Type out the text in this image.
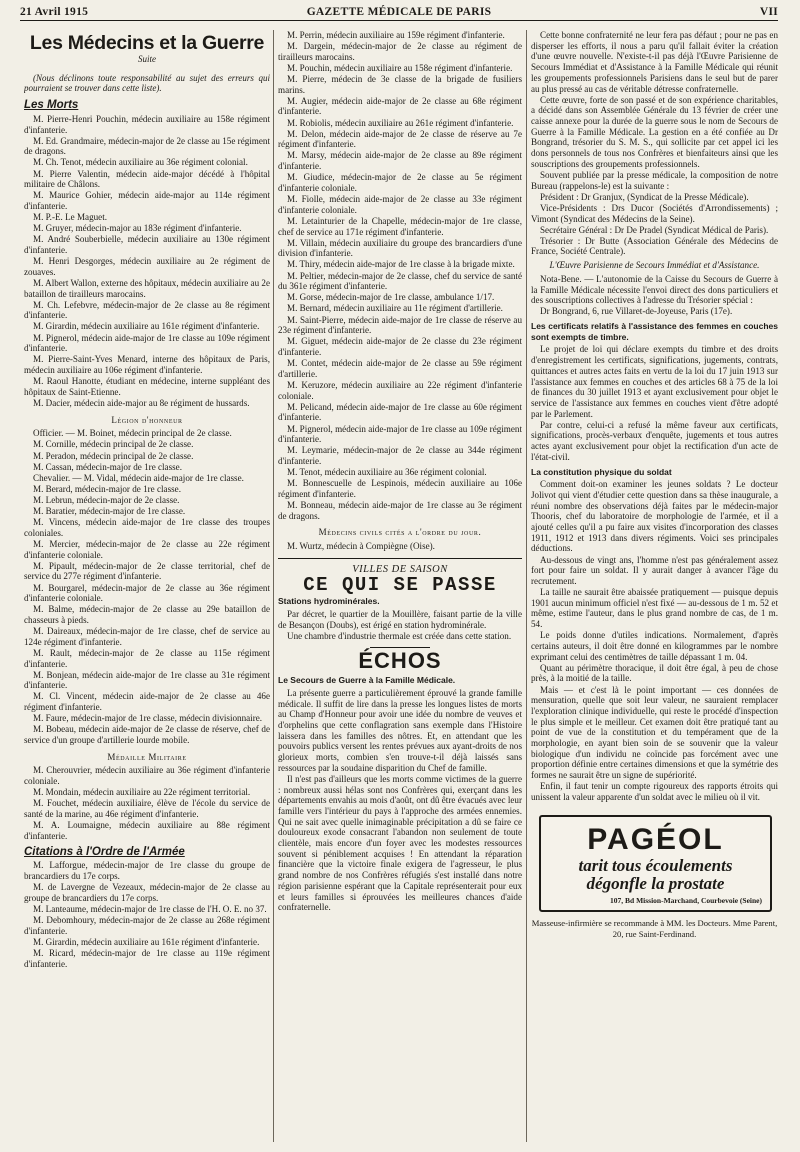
21 Avril 1915	GAZETTE MÉDICALE DE PARIS	VII
Les Médecins et la Guerre
Suite

(Nous déclinons toute responsabilité au sujet des erreurs qui pourraient se trouver dans cette liste).

Les Morts

M. Pierre-Henri Pouchin, médecin auxiliaire au 158e régiment d'infanterie.

M. Ed. Grandmaire, médecin-major de 2e classe au 15e régiment de dragons.

M. Ch. Tenot, médecin auxiliaire au 36e régiment colonial.

M. Pierre Valentin, médecin aide-major décédé à l'hôpital militaire de Châlons.

M. Maurice Gohier, médecin aide-major au 114e régiment d'infanterie.

M. P.-E. Le Maguet.

M. Gruyer, médecin-major au 183e régiment d'infanterie.

M. André Souberbielle, médecin auxiliaire au 130e régiment d'infanterie.

M. Henri Desgorges, médecin auxiliaire au 2e régiment de zouaves.

M. Albert Wallon, externe des hôpitaux, médecin auxiliaire au 2e bataillon de tirailleurs marocains.

M. Ch. Lefebvre, médecin-major de 2e classe au 8e régiment d'infanterie.

M. Girardin, médecin auxiliaire au 161e régiment d'infanterie.

M. Pignerol, médecin aide-major de 1re classe au 109e régiment d'infanterie.

M. Pierre-Saint-Yves Menard, interne des hôpitaux de Paris, médecin auxiliaire au 106e régiment d'infanterie.

M. Raoul Hanotte, étudiant en médecine, interne suppléant des hôpitaux de Saint-Etienne.

M. Dacier, médecin aide-major au 8e régiment de hussards.

Légion d'honneur

Officier. — M. Boinet, médecin principal de 2e classe.

M. Cornille, médecin principal de 2e classe.

M. Peradon, médecin principal de 2e classe.

M. Cassan, médecin-major de 1re classe.

Chevalier. — M. Vidal, médecin aide-major de 1re classe.

M. Berard, médecin-major de 1re classe.

M. Lebrun, médecin-major de 2e classe.

M. Baratier, médecin-major de 1re classe.

M. Vincens, médecin aide-major de 1re classe des troupes coloniales.

M. Mercier, médecin-major de 2e classe au 22e régiment d'infanterie coloniale.

M. Pipault, médecin-major de 2e classe territorial, chef de service du 277e régiment d'infanterie.

M. Bourgarel, médecin-major de 2e classe au 36e régiment d'infanterie coloniale.

M. Balme, médecin-major de 2e classe au 29e bataillon de chasseurs à pieds.

M. Daireaux, médecin-major de 1re classe, chef de service au 124e régiment d'infanterie.

M. Rault, médecin-major de 2e classe au 115e régiment d'infanterie.

M. Bonjean, médecin aide-major de 1re classe au 31e régiment d'infanterie.

M. Cl. Vincent, médecin aide-major de 2e classe au 46e régiment d'infanterie.

M. Faure, médecin-major de 1re classe, médecin divisionnaire.

M. Bobeau, médecin aide-major de 2e classe de réserve, chef de service d'un groupe d'artillerie lourde mobile.

Médaille Militaire

M. Cherouvrier, médecin auxiliaire au 36e régiment d'infanterie coloniale.

M. Mondain, médecin auxiliaire au 22e régiment territorial.

M. Fouchet, médecin auxiliaire, élève de l'école du service de santé de la marine, au 46e régiment d'infanterie.

M. A. Loumaigne, médecin auxiliaire au 88e régiment d'infanterie.

Citations à l'Ordre de l'Armée

M. Lafforgue, médecin-major de 1re classe du groupe de brancardiers du 17e corps.

M. de Lavergne de Vezeaux, médecin-major de 2e classe au groupe de brancardiers du 17e corps.

M. Lanteaume, médecin-major de 1re classe de l'H. O. E. no 37.

M. Debomhoury, médecin-major de 2e classe au 268e régiment d'infanterie.

M. Girardin, médecin auxiliaire au 161e régiment d'infanterie.

M. Ricard, médecin-major de 1re classe au 119e régiment d'infanterie.

M. Perrin, médecin auxiliaire au 159e régiment d'infanterie.

M. Dargein, médecin-major de 2e classe au régiment de tirailleurs marocains.

M. Pouchin, médecin auxiliaire au 158e régiment d'infanterie.

M. Pierre, médecin de 3e classe de la brigade de fusiliers marins.

M. Augier, médecin aide-major de 2e classe au 68e régiment d'infanterie.

M. Robiolis, médecin auxiliaire au 261e régiment d'infanterie.

M. Delon, médecin aide-major de 2e classe de réserve au 7e régiment d'infanterie.

M. Marsy, médecin aide-major de 2e classe au 89e régiment d'infanterie.

M. Giudice, médecin-major de 2e classe au 5e régiment d'infanterie coloniale.

M. Fiolle, médecin aide-major de 2e classe au 33e régiment d'infanterie coloniale.

M. Letainturier de la Chapelle, médecin-major de 1re classe, chef de service au 171e régiment d'infanterie.

M. Villain, médecin auxiliaire du groupe des brancardiers d'une division d'infanterie.

M. Thiry, médecin aide-major de 1re classe à la brigade mixte.

M. Peltier, médecin-major de 2e classe, chef du service de santé du 361e régiment d'infanterie.

M. Gorse, médecin-major de 1re classe, ambulance 1/17.

M. Bernard, médecin auxiliaire au 11e régiment d'artillerie.

M. Saint-Pierre, médecin aide-major de 1re classe de réserve au 23e régiment d'infanterie.

M. Giguet, médecin aide-major de 2e classe du 23e régiment d'infanterie.

M. Contet, médecin aide-major de 2e classe au 59e régiment d'artillerie.

M. Keruzore, médecin auxiliaire au 22e régiment d'infanterie coloniale.

M. Pelicand, médecin aide-major de 1re classe au 60e régiment d'infanterie.

M. Pignerol, médecin aide-major de 1re classe au 109e régiment d'infanterie.

M. Leymarie, médecin-major de 2e classe au 344e régiment d'infanterie.

M. Tenot, médecin auxiliaire au 36e régiment colonial.

M. Bonnescuelle de Lespinois, médecin auxiliaire au 106e régiment d'infanterie.

M. Bonneau, médecin aide-major de 1re classe au 3e régiment de dragons.

Médecins civils cités a l'ordre du jour.

M. Wurtz, médecin à Compiègne (Oise).

VILLES DE SAISON
CE QUI SE PASSE
Stations hydrominérales.

Par décret, le quartier de la Mouillère, faisant partie de la ville de Besançon (Doubs), est érigé en station hydrominérale.

Une chambre d'industrie thermale est créée dans cette station.

ÉCHOS
Le Secours de Guerre à la Famille Médicale.

La présente guerre a particulièrement éprouvé la grande famille médicale. Il suffit de lire dans la presse les longues listes de morts au Champ d'Honneur pour avoir une idée du nombre de veuves et d'orphelins que cette conflagration sans exemple dans l'Histoire laissera dans les familles des nôtres. Et, en attendant que les pouvoirs publics versent les rentes prévues aux ayant-droits de nos glorieux morts, combien s'en trouve-t-il déjà laissés sans ressources par la soudaine disparition du Chef de famille.

Il n'est pas d'ailleurs que les morts comme victimes de la guerre : nombreux aussi hélas sont nos Confrères qui, exerçant dans les départements envahis au mois d'août, ont dû être évacués avec leur famille vers l'intérieur du pays à l'approche des armées ennemies. Qui ne sait avec quelle inimaginable précipitation a dû se faire ce douloureux exode consacrant l'abandon non seulement de toute clientèle, mais encore d'un foyer avec les modestes ressources souvent si péniblement acquises ! En attendant la réparation financière que la victoire finale exigera de l'agresseur, le plus grand nombre de nos Confrères réfugiés s'est installé dans notre région parisienne espérant que la Capitale représenterait pour eux et leurs familles si éprouvées les meilleures chances d'aide confraternelle.

Cette bonne confraternité ne leur fera pas défaut ; pour ne pas en disperser les efforts, il nous a paru qu'il fallait éviter la création d'une œuvre nouvelle. N'existe-t-il pas déjà l'Œuvre Parisienne de Secours Immédiat et d'Assistance à la Famille Médicale qui réunit les groupements professionnels Parisiens dans le seul but de parer au plus pressé au cas de véritable détresse confraternelle.

Cette œuvre, forte de son passé et de son expérience charitables, a décidé dans son Assemblée Générale du 13 février de créer une caisse annexe pour la durée de la guerre sous le nom de Secours de Guerre à la Famille Médicale. La gestion en a été confiée au Dr Bongrand, trésorier du S. M. S., qui sollicite par cet appel ici les dons personnels de tous nos Confrères et bienfaiteurs ainsi que les souscriptions des groupements professionnels.

Souvent publiée par la presse médicale, la composition de notre Bureau (rappelons-le) est la suivante :

Président : Dr Granjux, (Syndicat de la Presse Médicale).

Vice-Présidents : Drs Ducor (Sociétés d'Arrondissements) ; Vimont (Syndicat des Médecins de la Seine).

Secrétaire Général : Dr De Pradel (Syndicat Médical de Paris).

Trésorier : Dr Butte (Association Générale des Médecins de France, Société Centrale).

L'Œuvre Parisienne de Secours Immédiat et d'Assistance.

Nota-Bene. — L'autonomie de la Caisse du Secours de Guerre à la Famille Médicale nécessite l'envoi direct des dons particuliers et des souscriptions collectives à l'adresse du Trésorier spécial :

Dr Bongrand, 6, rue Villaret-de-Joyeuse, Paris (17e).

Les certificats relatifs à l'assistance des femmes en couches sont exempts de timbre.

Le projet de loi qui déclare exempts du timbre et des droits d'enregistrement les certificats, significations, jugements, contrats, quittances et autres actes faits en vertu de la loi du 17 juin 1913 sur l'assistance aux femmes en couches et des articles 68 à 75 de la loi de finances du 30 juillet 1913 et ayant exclusivement pour objet le service de l'assistance aux femmes en couches vient d'être adopté par le Parlement.

Par contre, celui-ci a refusé la même faveur aux certificats, significations, procès-verbaux d'enquête, jugements et tous autres actes ayant exclusivement pour objet la rectification d'un acte de l'état-civil.

La constitution physique du soldat

Comment doit-on examiner les jeunes soldats ? Le docteur Jolivot qui vient d'étudier cette question dans sa thèse inaugurale, a réuni nombre des observations déjà faites par le médecin-major Thooris, chef du laboratoire de morphologie de l'armée, et il a ajouté celles qu'il a pu faire aux visites d'incorporation des classes 1911, 1912 et 1913 dans divers régiments. Voici ses principales déductions.

Au-dessous de vingt ans, l'homme n'est pas généralement assez fort pour faire un soldat. Il y aurait danger à avancer l'âge du recrutement.

La taille ne saurait être abaissée pratiquement — puisque depuis 1901 aucun minimum officiel n'est fixé — au-dessous de 1 m. 52 et même, estime l'auteur, dans le plus grand nombre de cas, de 1 m. 54.

Le poids donne d'utiles indications. Normalement, d'après certains auteurs, il doit être donné en kilogrammes par le nombre exprimant celui des centimètres de taille dépassant 1 m. 04.

Quant au périmètre thoracique, il doit être égal, à peu de chose près, à la moitié de la taille.

Mais — et c'est là le point important — ces données de mensuration, quelle que soit leur valeur, ne sauraient remplacer l'exploration clinique individuelle, qui reste le procédé d'inspection le plus simple et le meilleur. Cet examen doit être pratiqué tant au point de vue de la constitution et du tempérament que de la morphologie, en ayant bien soin de se souvenir que la valeur biologique d'un individu ne coïncide pas forcément avec une proportion définie entre certaines dimensions et que la symétrie des formes ne saurait être un signe de supériorité.

Enfin, il faut tenir un compte rigoureux des rapports étroits qui unissent la valeur apparente d'un soldat avec le milieu où il vit.

PAGÉOL
tarit tous écoulements
dégonfle la prostate
107, Bd Mission-Marchand, Courbevoie (Seine)

Masseuse-infirmière se recommande à MM. les Docteurs. Mme Parent, 20, rue Saint-Ferdinand.
